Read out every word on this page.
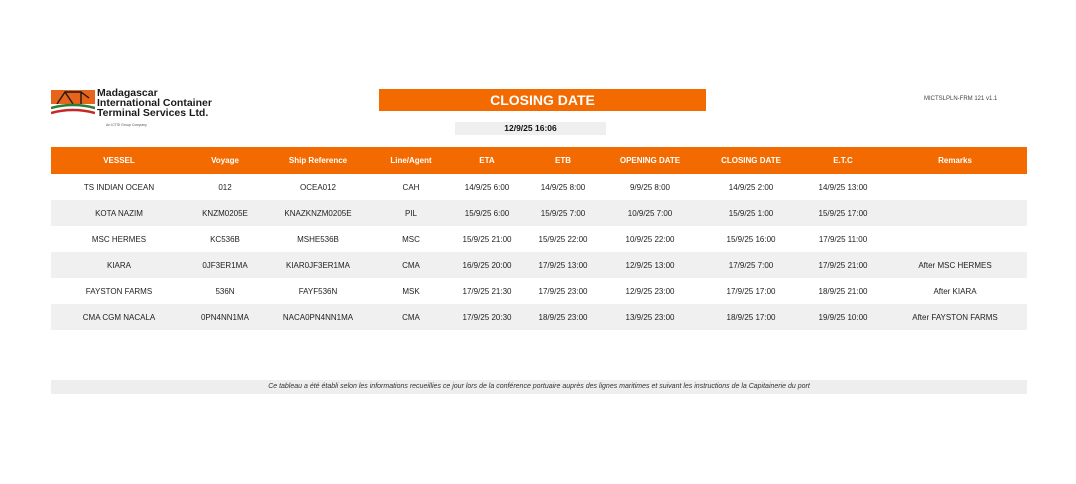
Madagascar
International Container
Terminal Services Ltd.
An ICTSI Group Company
CLOSING DATE	MICTSLPLN-FRM 121 v1.1
12/9/25 16:06
VESSEL	Voyage	Ship Reference	Line/Agent	ETA	ETB	OPENING DATE	CLOSING DATE	E.T.C	Remarks
TS INDIAN OCEAN	012	OCEA012	CAH	14/9/25 6:00	14/9/25 8:00	9/9/25 8:00	14/9/25 2:00	14/9/25 13:00	
KOTA NAZIM	KNZM0205E	KNAZKNZM0205E	PIL	15/9/25 6:00	15/9/25 7:00	10/9/25 7:00	15/9/25 1:00	15/9/25 17:00	
MSC HERMES	KC536B	MSHE536B	MSC	15/9/25 21:00	15/9/25 22:00	10/9/25 22:00	15/9/25 16:00	17/9/25 11:00	
KIARA	0JF3ER1MA	KIAR0JF3ER1MA	CMA	16/9/25 20:00	17/9/25 13:00	12/9/25 13:00	17/9/25 7:00	17/9/25 21:00	After MSC HERMES
FAYSTON FARMS	536N	FAYF536N	MSK	17/9/25 21:30	17/9/25 23:00	12/9/25 23:00	17/9/25 17:00	18/9/25 21:00	After KIARA
CMA CGM NACALA	0PN4NN1MA	NACA0PN4NN1MA	CMA	17/9/25 20:30	18/9/25 23:00	13/9/25 23:00	18/9/25 17:00	19/9/25 10:00	After FAYSTON FARMS
Ce tableau a été établi selon les informations recueillies ce jour lors de la conférence portuaire auprès des lignes maritimes et suivant les instructions de la Capitainerie du port
